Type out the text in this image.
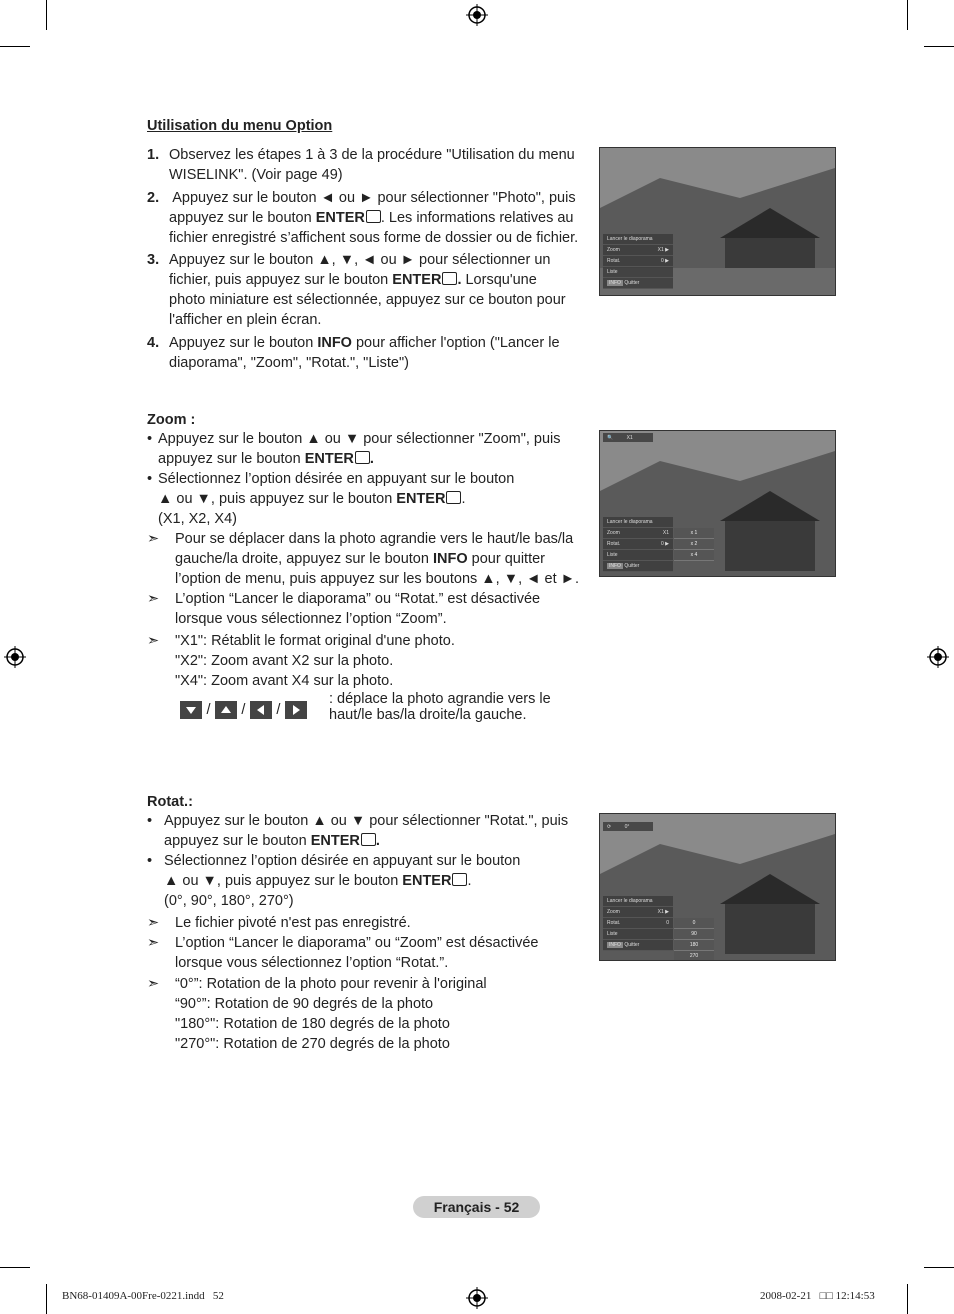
Utilisation du menu Option
1. Observez les étapes 1 à 3 de la procédure "Utilisation du menu
WISELINK". (Voir page 49)
2. Appuyez sur le bouton ◄ ou ► pour sélectionner "Photo", puis
appuyez sur le bouton ENTER . Les informations relatives au
fichier enregistré s’affichent sous forme de dossier ou de fichier.
3. Appuyez sur le bouton ▲, ▼, ◄ ou ► pour sélectionner un
fichier, puis appuyez sur le bouton ENTER . Lorsqu'une
photo miniature est sélectionnée, appuyez sur ce bouton pour
l'afficher en plein écran.
4. Appuyez sur le bouton INFO pour afficher l'option ("Lancer le
diaporama", "Zoom", "Rotat.", "Liste")
Lancer le diaporama
Zoom	X1 ▶
Rotat.	0 ▶
Liste
INFO Quitter
Zoom :
• Appuyez sur le bouton ▲ ou ▼ pour sélectionner "Zoom", puis
appuyez sur le bouton ENTER .
• Sélectionnez l’option désirée en appuyant sur le bouton
▲ ou ▼, puis appuyez sur le bouton ENTER .
(X1, X2, X4)
➣ Pour se déplacer dans la photo agrandie vers le haut/le bas/la
gauche/la droite, appuyez sur le bouton INFO pour quitter
l’option de menu, puis appuyez sur les boutons ▲, ▼, ◄ et ►.
➣ L’option “Lancer le diaporama” ou “Rotat.” est désactivée
lorsque vous sélectionnez l’option “Zoom”.
➣ "X1": Rétablit le format original d'une photo.
"X2": Zoom avant X2 sur la photo.
"X4": Zoom avant X4 sur la photo.
/ / /
: déplace la photo agrandie vers le
haut/le bas/la droite/la gauche.
🔍	X1
Lancer le diaporama
Zoom	X1
Rotat.	0 ▶
Liste
INFO Quitter
x 1
x 2
x 4
Rotat.:
• Appuyez sur le bouton ▲ ou ▼ pour sélectionner "Rotat.", puis
appuyez sur le bouton ENTER .
• Sélectionnez l’option désirée en appuyant sur le bouton
▲ ou ▼, puis appuyez sur le bouton ENTER .
(0°, 90°, 180°, 270°)
➣ Le fichier pivoté n'est pas enregistré.
➣ L’option “Lancer le diaporama” ou “Zoom” est désactivée
lorsque vous sélectionnez l’option “Rotat.”.
➣ “0°”: Rotation de la photo pour revenir à l'original
“90°”: Rotation de 90 degrés de la photo
"180°": Rotation de 180 degrés de la photo
"270°": Rotation de 270 degrés de la photo
⟳	0°
Lancer le diaporama
Zoom	X1 ▶
Rotat.	0
Liste
INFO Quitter
0
90
180
270
Français - 52
BN68-01409A-00Fre-0221.indd   52	2008-02-21   □□ 12:14:53
